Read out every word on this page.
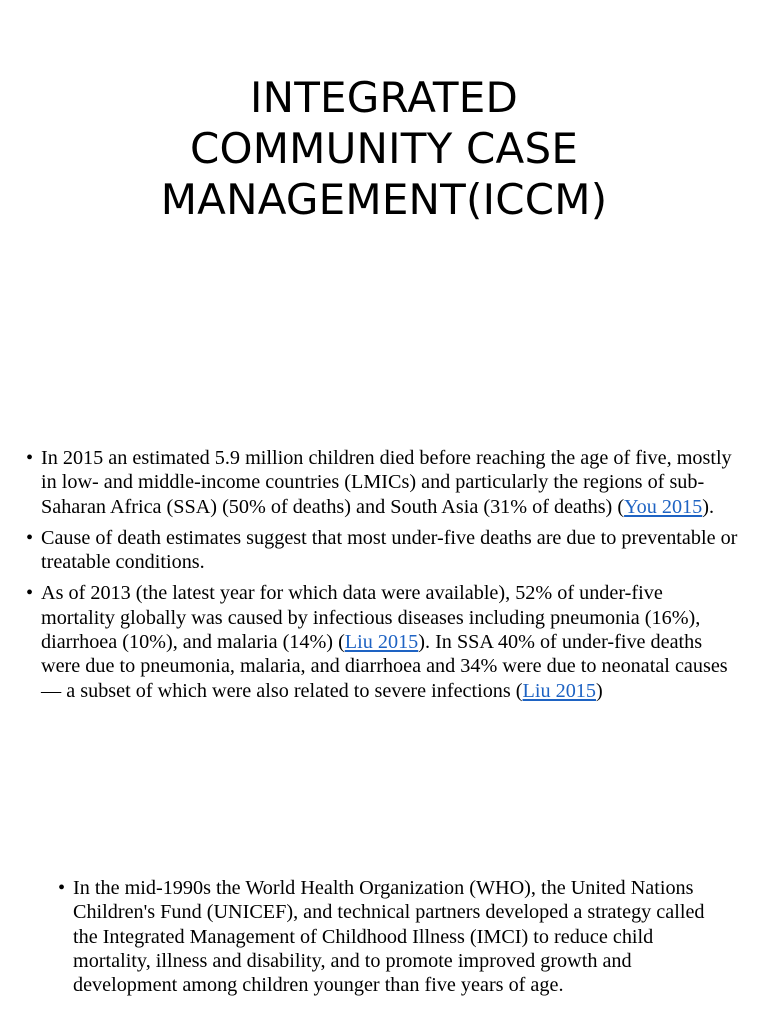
INTEGRATED
COMMUNITY CASE
MANAGEMENT(ICCM)
• In 2015 an estimated 5.9 million children died before reaching the age of five, mostly in low- and middle-income countries (LMICs) and particularly the regions of sub-Saharan Africa (SSA) (50% of deaths) and South Asia (31% of deaths) (You 2015).
• Cause of death estimates suggest that most under-five deaths are due to preventable or treatable conditions.
• As of 2013 (the latest year for which data were available), 52% of under-five mortality globally was caused by infectious diseases including pneumonia (16%), diarrhoea (10%), and malaria (14%) (Liu 2015). In SSA 40% of under-five deaths were due to pneumonia, malaria, and diarrhoea and 34% were due to neonatal causes — a subset of which were also related to severe infections (Liu 2015)
• In the mid-1990s the World Health Organization (WHO), the United Nations Children's Fund (UNICEF), and technical partners developed a strategy called the Integrated Management of Childhood Illness (IMCI) to reduce child mortality, illness and disability, and to promote improved growth and development among children younger than five years of age.
